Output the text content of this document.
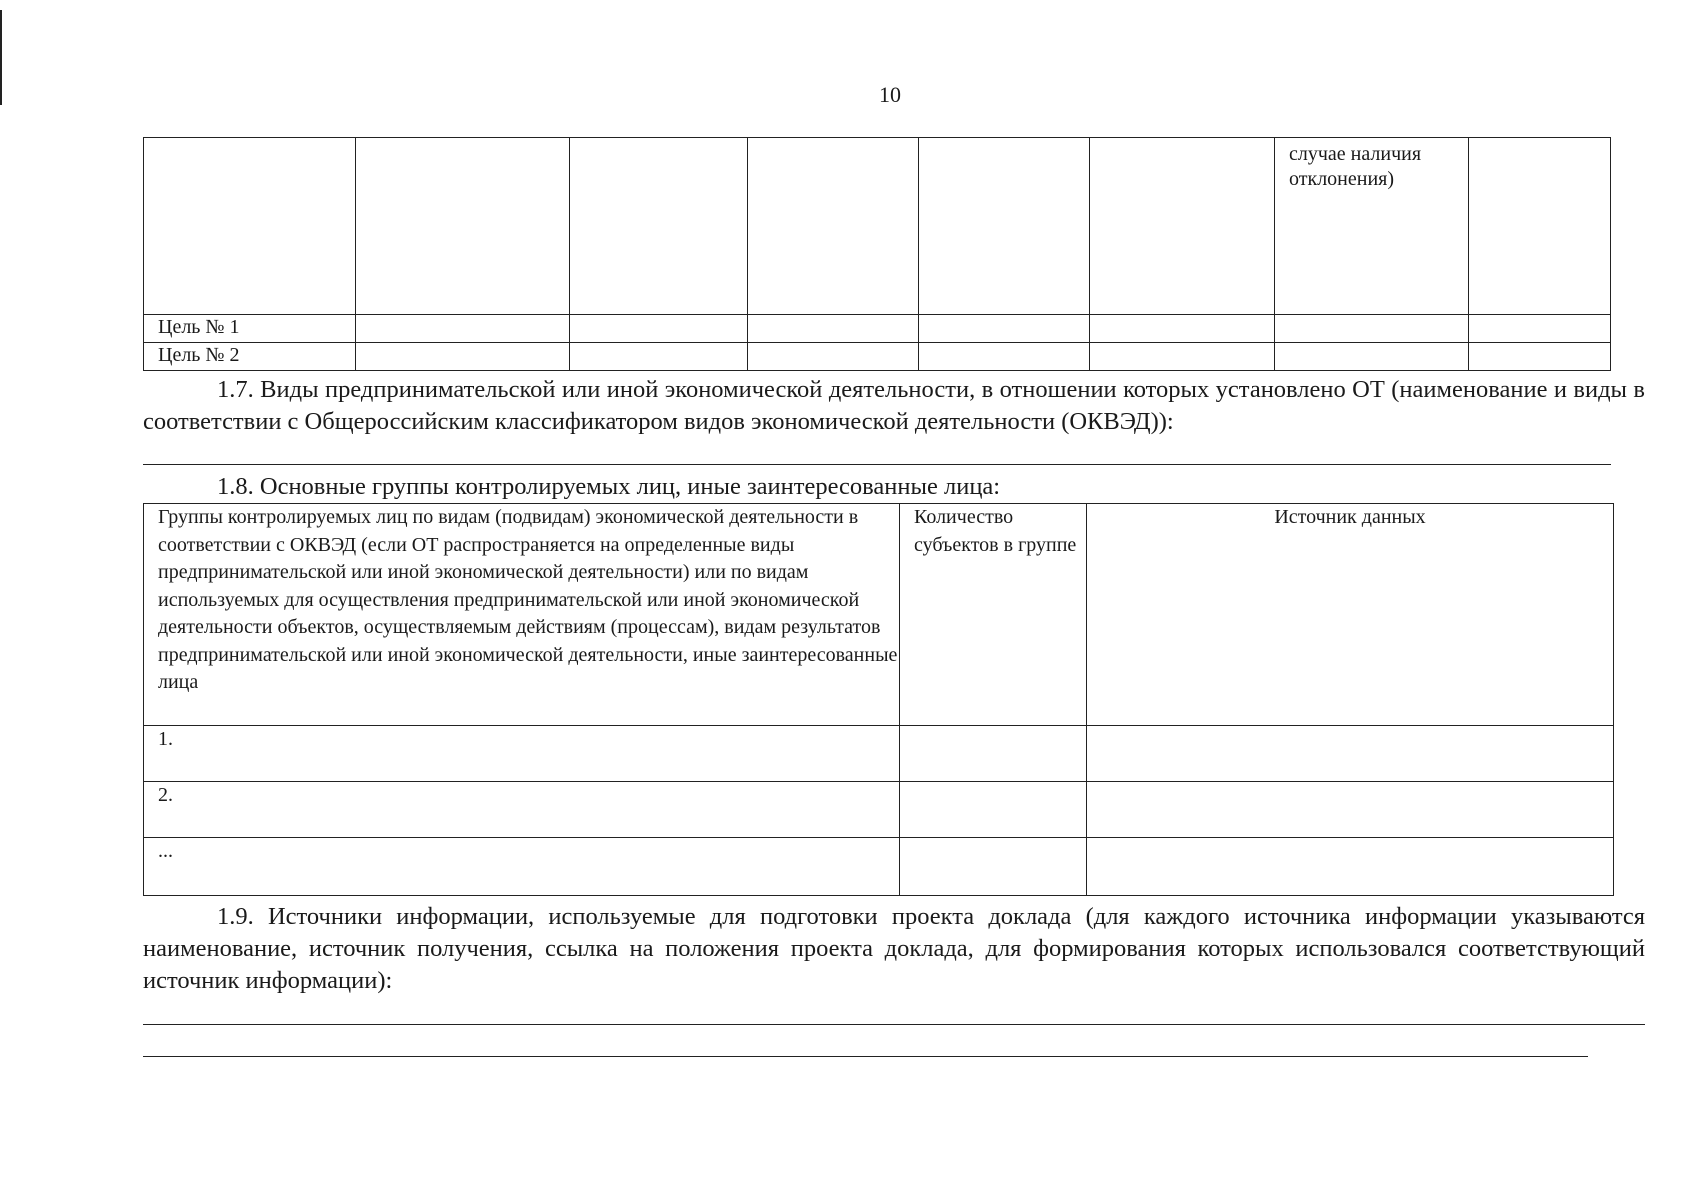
10
						случае наличия отклонения)	
Цель № 1							
Цель № 2							

1.7. Виды предпринимательской или иной экономической деятельности, в отношении которых установлено ОТ (наименование и виды в соответствии с Общероссийским классификатором видов экономической деятельности (ОКВЭД)):

1.8. Основные группы контролируемых лиц, иные заинтересованные лица:

Группы контролируемых лиц по видам (подвидам) экономической деятельности в соответствии с ОКВЭД (если ОТ распространяется на определенные виды предпринимательской или иной экономической деятельности) или по видам используемых для осуществления предпринимательской или иной экономической деятельности объектов, осуществляемым действиям (процессам), видам результатов предпринимательской или иной экономической деятельности, иные заинтересованные лица	Количество субъектов в группе	Источник данных
1.		
2.		
...		

1.9. Источники информации, используемые для подготовки проекта доклада (для каждого источника информации указываются наименование, источник получения, ссылка на положения проекта доклада, для формирования которых использовался соответствующий источник информации):
